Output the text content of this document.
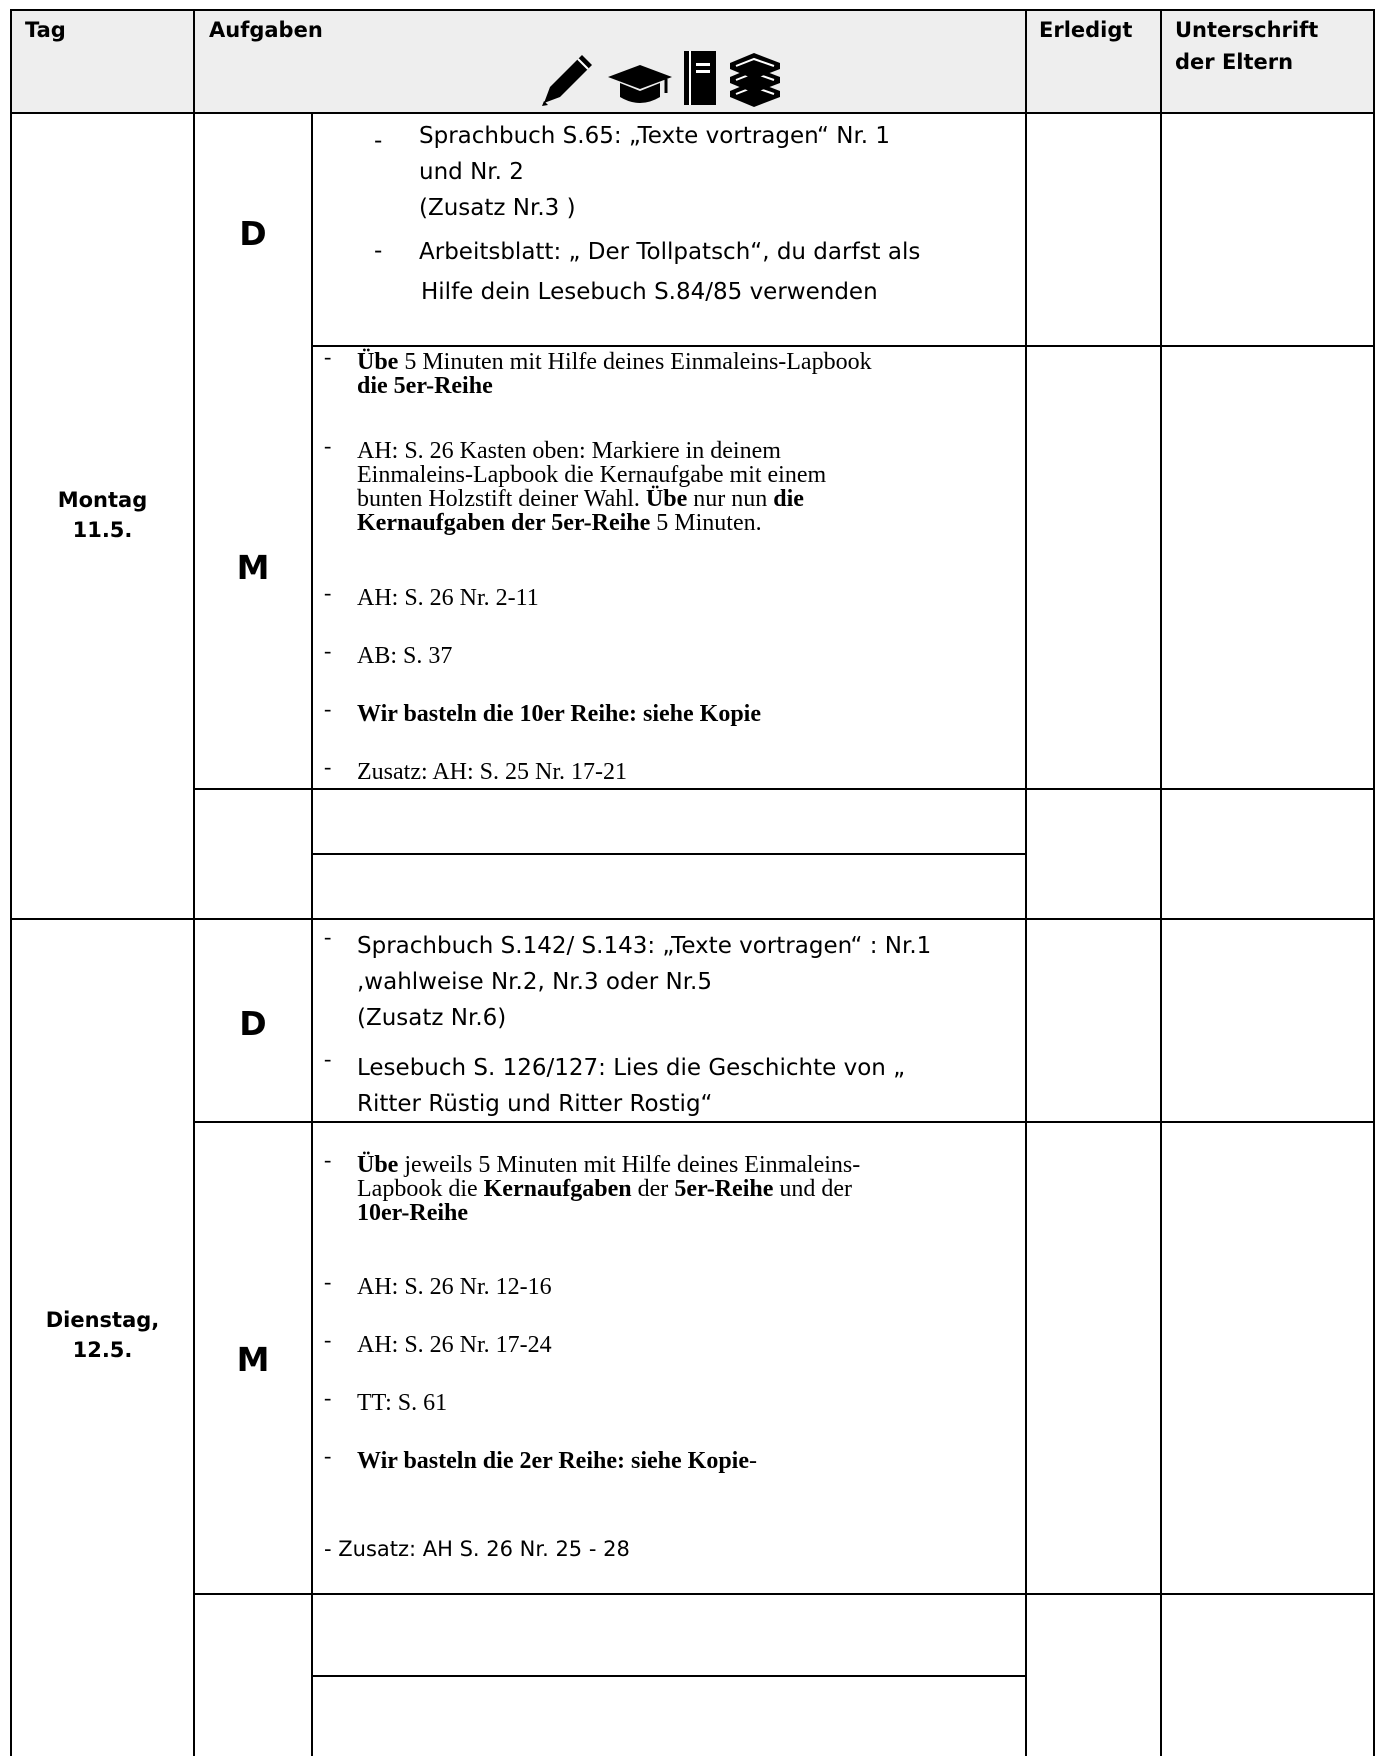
Tag	Aufgaben	Erledigt Unterschrift
der Eltern
Montag
11.5.
D
- Sprachbuch S.65: „Texte vortragen“ Nr. 1
und Nr. 2
(Zusatz Nr.3 )
- Arbeitsblatt: „ Der Tollpatsch“, du darfst als
Hilfe dein Lesebuch S.84/85 verwenden
M
- Übe 5 Minuten mit Hilfe deines Einmaleins-Lapbook
die 5er-Reihe
- AH: S. 26 Kasten oben: Markiere in deinem
Einmaleins-Lapbook die Kernaufgabe mit einem
bunten Holzstift deiner Wahl. Übe nur nun die
Kernaufgaben der 5er-Reihe 5 Minuten.
- AH: S. 26 Nr. 2-11
- AB: S. 37
- Wir basteln die 10er Reihe: siehe Kopie
- Zusatz: AH: S. 25 Nr. 17-21
Dienstag,
12.5.
D
- Sprachbuch S.142/ S.143: „Texte vortragen“ : Nr.1
,wahlweise Nr.2, Nr.3 oder Nr.5
(Zusatz Nr.6)
- Lesebuch S. 126/127: Lies die Geschichte von „
Ritter Rüstig und Ritter Rostig“
M
- Übe jeweils 5 Minuten mit Hilfe deines Einmaleins-
Lapbook die Kernaufgaben der 5er-Reihe und der
10er-Reihe
- AH: S. 26 Nr. 12-16
- AH: S. 26 Nr. 17-24
- TT: S. 61
- Wir basteln die 2er Reihe: siehe Kopie-
- Zusatz: AH S. 26 Nr. 25 - 28
